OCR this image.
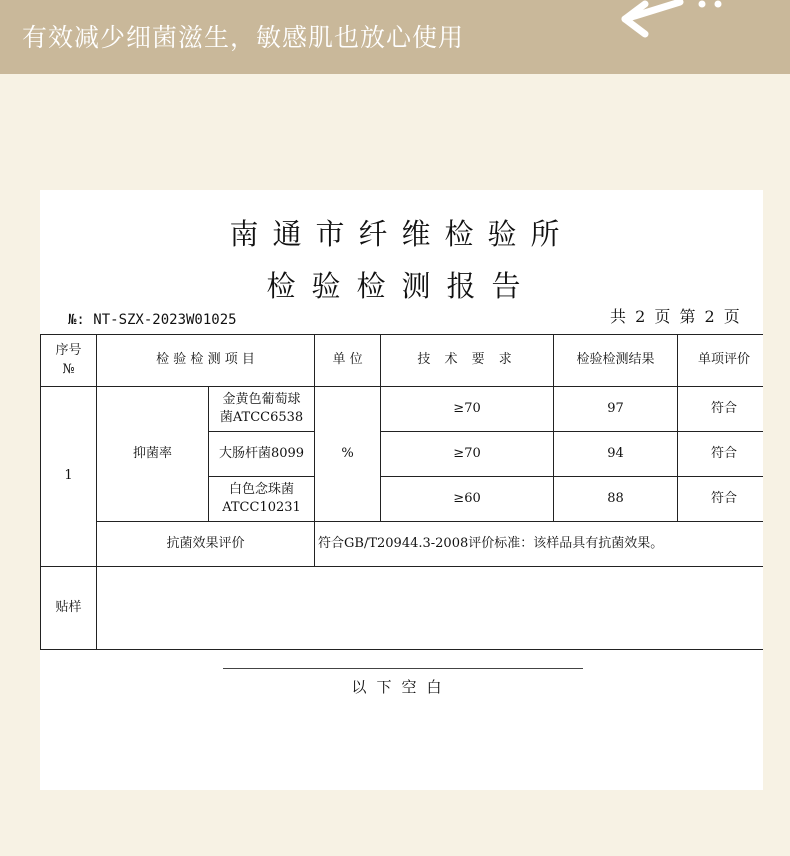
有效减少细菌滋生，敏感肌也放心使用
南通市纤维检验所
检验检测报告
№: NT-SZX-2023W01025	共 2 页 第 2 页
序号
№	检 验 检 测 项 目		单 位	技 术 要 求	检验检测结果	单项评价
1	抑菌率	金黄色葡萄球
菌ATCC6538	%	≥70	97	符合

		大肠杆菌8099		≥70	94	符合

		白色念珠菌
ATCC10231		≥60	88	符合
	抗菌效果评价		符合GB/T20944.3-2008评价标准：该样品具有抗菌效果。			
贴样						
以下空白
